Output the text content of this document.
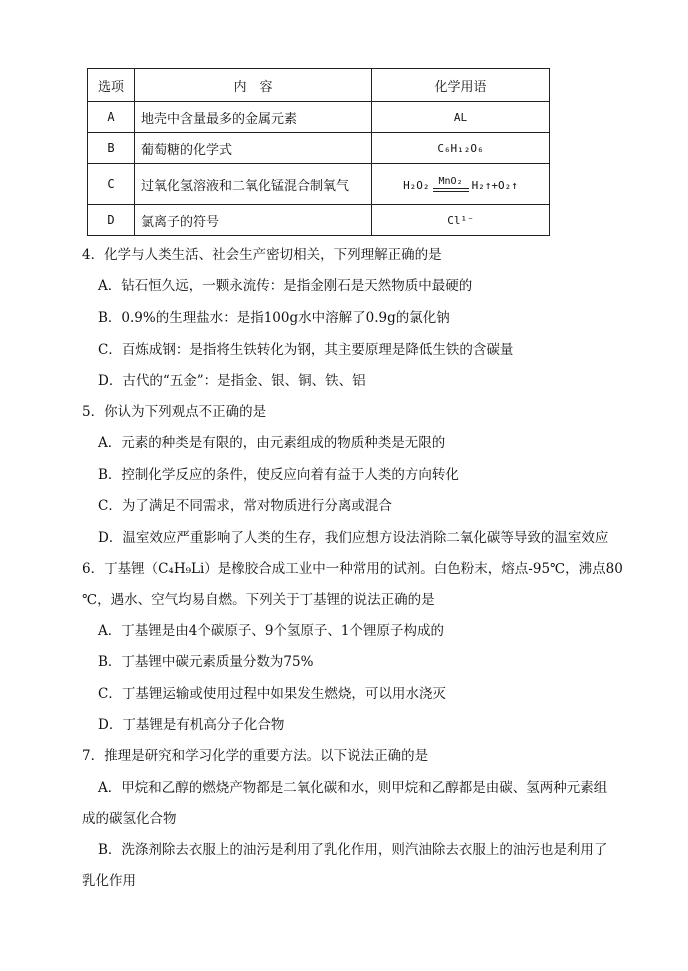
选项	内　容	化学用语
A	地壳中含量最多的金属元素	AL
B	葡萄糖的化学式	C₆H₁₂O₆
C	过氧化氢溶液和二氧化锰混合制氧气	H₂O₂ MnO₂ H₂↑+O₂↑

D	氯离子的符号	Cl¹⁻
4．化学与人类生活、社会生产密切相关，下列理解正确的是
A．钻石恒久远，一颗永流传：是指金刚石是天然物质中最硬的
B．0.9%的生理盐水：是指100g水中溶解了0.9g的氯化钠
C．百炼成钢：是指将生铁转化为钢，其主要原理是降低生铁的含碳量
D．古代的“五金”：是指金、银、铜、铁、铝
5．你认为下列观点不正确的是
A．元素的种类是有限的，由元素组成的物质种类是无限的
B．控制化学反应的条件，使反应向着有益于人类的方向转化
C．为了满足不同需求，常对物质进行分离或混合
D．温室效应严重影响了人类的生存，我们应想方设法消除二氧化碳等导致的温室效应
6．丁基锂（C₄H₉Li）是橡胶合成工业中一种常用的试剂。白色粉末，熔点-95℃，沸点80
℃，遇水、空气均易自燃。下列关于丁基锂的说法正确的是
A．丁基锂是由4个碳原子、9个氢原子、1个锂原子构成的
B．丁基锂中碳元素质量分数为75%
C．丁基锂运输或使用过程中如果发生燃烧，可以用水浇灭
D．丁基锂是有机高分子化合物
7．推理是研究和学习化学的重要方法。以下说法正确的是
A．甲烷和乙醇的燃烧产物都是二氧化碳和水，则甲烷和乙醇都是由碳、氢两种元素组
成的碳氢化合物
B．洗涤剂除去衣服上的油污是利用了乳化作用，则汽油除去衣服上的油污也是利用了
乳化作用
